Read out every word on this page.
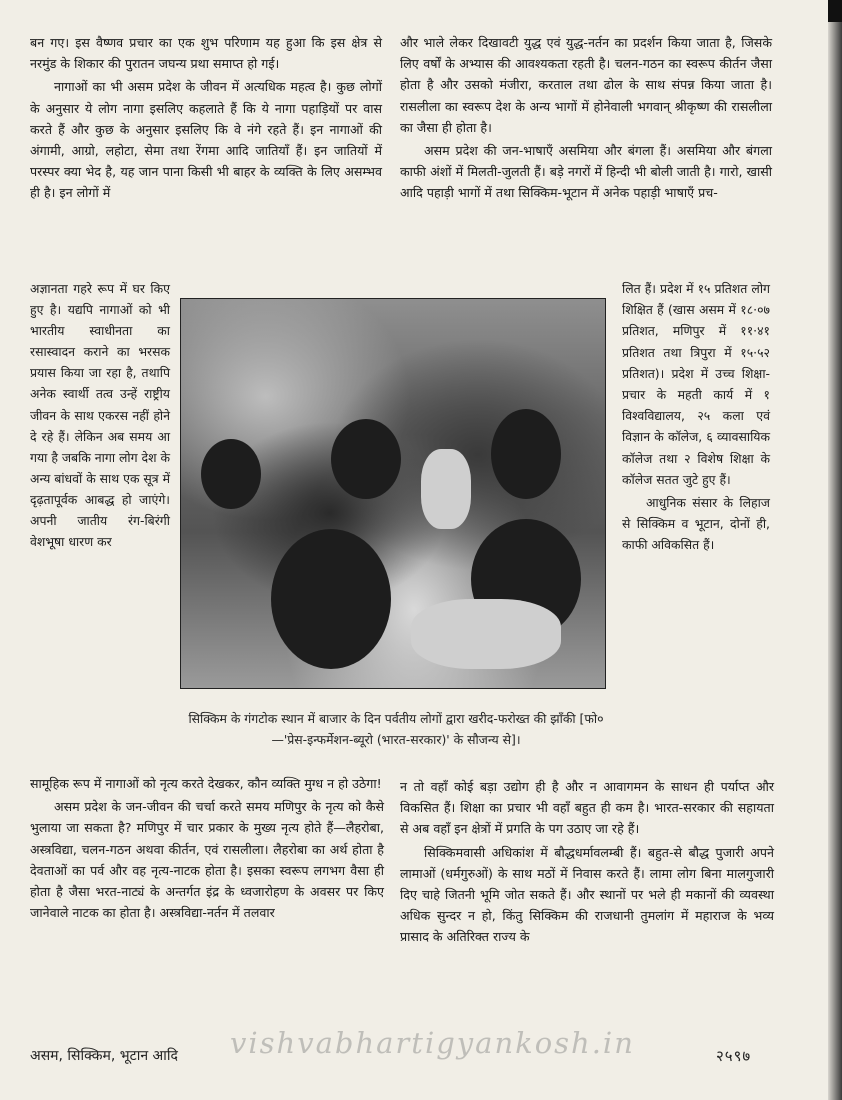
बन गए। इस वैष्णव प्रचार का एक शुभ परिणाम यह हुआ कि इस क्षेत्र से नरमुंड के शिकार की पुरातन जघन्य प्रथा समाप्त हो गई।

नागाओं का भी असम प्रदेश के जीवन में अत्यधिक महत्व है। कुछ लोगों के अनुसार ये लोग नागा इसलिए कहलाते हैं कि ये नागा पहाड़ियों पर वास करते हैं और कुछ के अनुसार इसलिए कि वे नंगे रहते हैं। इन नागाओं की अंगामी, आग्रो, लहोटा, सेमा तथा रेंगमा आदि जातियाँ हैं। इन जातियों में परस्पर क्या भेद है, यह जान पाना किसी भी बाहर के व्यक्ति के लिए असम्भव ही है। इन लोगों में

अज्ञानता गहरे रूप में घर किए हुए है। यद्यपि नागाओं को भी भारतीय स्वाधीनता का रसास्वादन कराने का भरसक प्रयास किया जा रहा है, तथापि अनेक स्वार्थी तत्व उन्हें राष्ट्रीय जीवन के साथ एकरस नहीं होने दे रहे हैं। लेकिन अब समय आ गया है जबकि नागा लोग देश के अन्य बांधवों के साथ एक सूत्र में दृढ़तापूर्वक आबद्ध हो जाएंगे। अपनी जातीय रंग-बिरंगी वेशभूषा धारण कर

और भाले लेकर दिखावटी युद्ध एवं युद्ध-नर्तन का प्रदर्शन किया जाता है, जिसके लिए वर्षों के अभ्यास की आवश्यकता रहती है। चलन-गठन का स्वरूप कीर्तन जैसा होता है और उसको मंजीरा, करताल तथा ढोल के साथ संपन्न किया जाता है। रासलीला का स्वरूप देश के अन्य भागों में होनेवाली भगवान् श्रीकृष्ण की रासलीला का जैसा ही होता है।

असम प्रदेश की जन-भाषाएँ असमिया और बंगला हैं। असमिया और बंगला काफी अंशों में मिलती-जुलती हैं। बड़े नगरों में हिन्दी भी बोली जाती है। गारो, खासी आदि पहाड़ी भागों में तथा सिक्किम-भूटान में अनेक पहाड़ी भाषाएँ प्रच-

लित हैं। प्रदेश में १५ प्रतिशत लोग शिक्षित हैं (खास असम में १८·०७ प्रतिशत, मणिपुर में ११·४१ प्रतिशत तथा त्रिपुरा में १५·५२ प्रतिशत)। प्रदेश में उच्च शिक्षा-प्रचार के महती कार्य में १ विश्वविद्यालय, २५ कला एवं विज्ञान के कॉलेज, ६ व्यावसायिक कॉलेज तथा २ विशेष शिक्षा के कॉलेज सतत जुटे हुए हैं।

आधुनिक संसार के लिहाज से सिक्किम व भूटान, दोनों ही, काफी अविकसित हैं।

सिक्किम के गंगटोक स्थान में बाजार के दिन पर्वतीय लोगों द्वारा खरीद-फरोख्त की झाँकी [फो०—'प्रेस-इन्फर्मेशन-ब्यूरो (भारत-सरकार)' के सौजन्य से]।

सामूहिक रूप में नागाओं को नृत्य करते देखकर, कौन व्यक्ति मुग्ध न हो उठेगा!

असम प्रदेश के जन-जीवन की चर्चा करते समय मणिपुर के नृत्य को कैसे भुलाया जा सकता है? मणिपुर में चार प्रकार के मुख्य नृत्य होते हैं—लैहरोबा, अस्त्रविद्या, चलन-गठन अथवा कीर्तन, एवं रासलीला। लैहरोबा का अर्थ होता है देवताओं का पर्व और वह नृत्य-नाटक होता है। इसका स्वरूप लगभग वैसा ही होता है जैसा भरत-नाट्यं के अन्तर्गत इंद्र के ध्वजारोहण के अवसर पर किए जानेवाले नाटक का होता है। अस्त्रविद्या-नर्तन में तलवार

न तो वहाँ कोई बड़ा उद्योग ही है और न आवागमन के साधन ही पर्याप्त और विकसित हैं। शिक्षा का प्रचार भी वहाँ बहुत ही कम है। भारत-सरकार की सहायता से अब वहाँ इन क्षेत्रों में प्रगति के पग उठाए जा रहे हैं।

सिक्किमवासी अधिकांश में बौद्धधर्मावलम्बी हैं। बहुत-से बौद्ध पुजारी अपने लामाओं (धर्मगुरुओं) के साथ मठों में निवास करते हैं। लामा लोग बिना मालगुजारी दिए चाहे जितनी भूमि जोत सकते हैं। और स्थानों पर भले ही मकानों की व्यवस्था अधिक सुन्दर न हो, किंतु सिक्किम की राजधानी तुमलांग में महाराज के भव्य प्रासाद के अतिरिक्त राज्य के

vishvabhartigyankosh.in
असम, सिक्किम, भूटान आदि	२५९७
